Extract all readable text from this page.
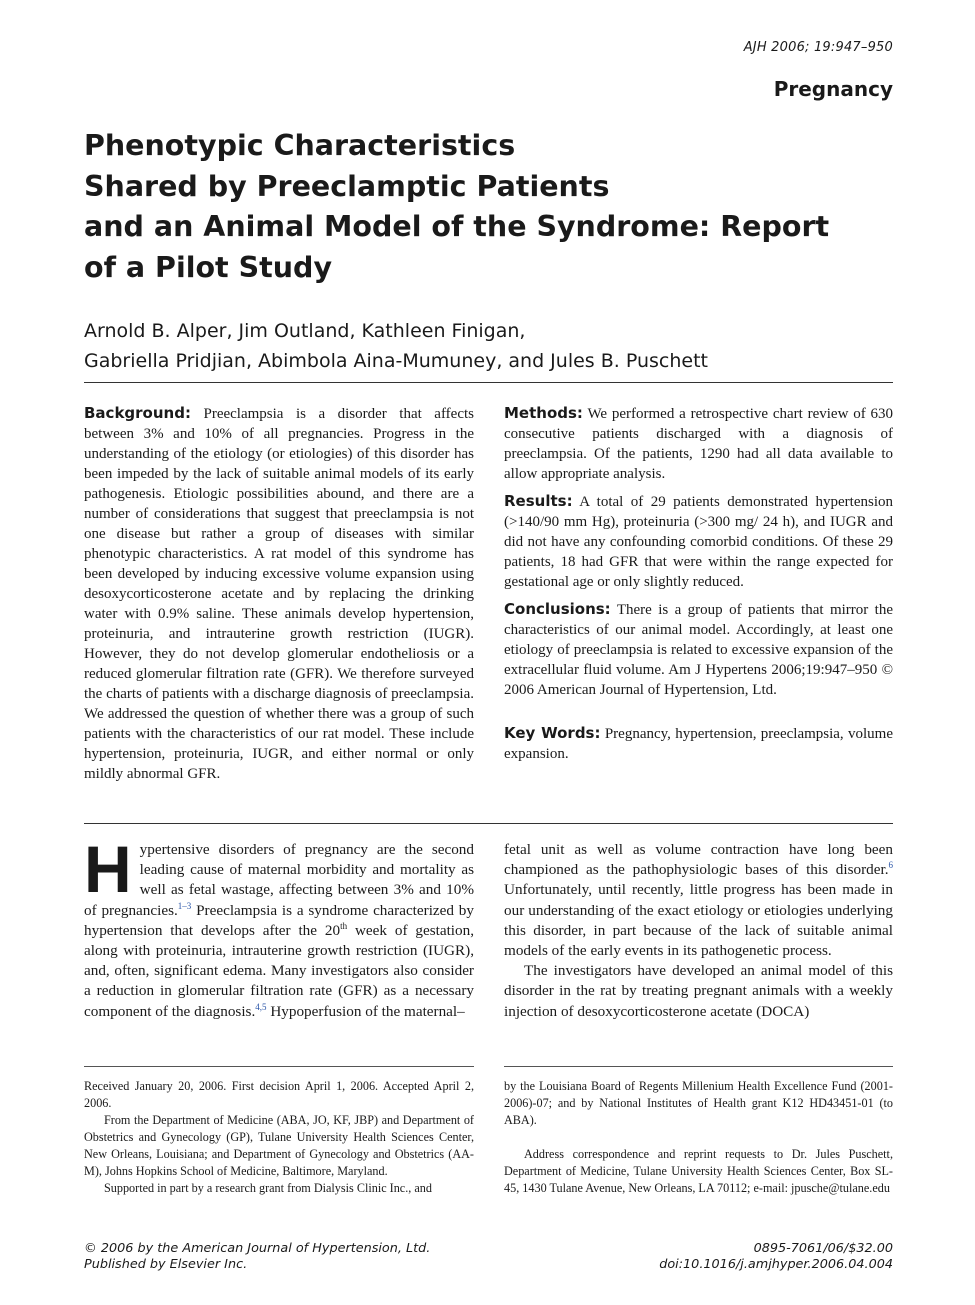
AJH 2006; 19:947–950
Pregnancy
Phenotypic Characteristics
Shared by Preeclamptic Patients
and an Animal Model of the Syndrome: Report
of a Pilot Study
Arnold B. Alper, Jim Outland, Kathleen Finigan,
Gabriella Pridjian, Abimbola Aina-Mumuney, and Jules B. Puschett

Background: Preeclampsia is a disorder that affects between 3% and 10% of all pregnancies. Progress in the understanding of the etiology (or etiologies) of this disorder has been impeded by the lack of suitable animal models of its early pathogenesis. Etiologic possibilities abound, and there are a number of considerations that suggest that preeclampsia is not one disease but rather a group of diseases with similar phenotypic characteristics. A rat model of this syndrome has been developed by inducing excessive volume expansion using desoxycorticosterone acetate and by replacing the drinking water with 0.9% saline. These animals develop hypertension, proteinuria, and intrauterine growth restriction (IUGR). However, they do not develop glomerular endotheliosis or a reduced glomerular filtration rate (GFR). We therefore surveyed the charts of patients with a discharge diagnosis of preeclampsia. We addressed the question of whether there was a group of such patients with the characteristics of our rat model. These include hypertension, proteinuria, IUGR, and either normal or only mildly abnormal GFR.

Methods: We performed a retrospective chart review of 630 consecutive patients discharged with a diagnosis of preeclampsia. Of the patients, 1290 had all data available to allow appropriate analysis.

Results: A total of 29 patients demonstrated hypertension (>140/90 mm Hg), proteinuria (>300 mg/ 24 h), and IUGR and did not have any confounding comorbid conditions. Of these 29 patients, 18 had GFR that were within the range expected for gestational age or only slightly reduced.

Conclusions: There is a group of patients that mirror the characteristics of our animal model. Accordingly, at least one etiology of preeclampsia is related to excessive expansion of the extracellular fluid volume. Am J Hypertens 2006;19:947–950 © 2006 American Journal of Hypertension, Ltd.

Key Words: Pregnancy, hypertension, preeclampsia, volume expansion.

Hypertensive disorders of pregnancy are the second leading cause of maternal morbidity and mortality as well as fetal wastage, affecting between 3% and 10% of pregnancies.$^{1-3}$ Preeclampsia is a syndrome characterized by hypertension that develops after the 20th week of gestation, along with proteinuria, intrauterine growth restriction (IUGR), and, often, significant edema. Many investigators also consider a reduction in glomerular filtration rate (GFR) as a necessary component of the diagnosis.$^{4,5}$ Hypoperfusion of the maternal–

fetal unit as well as volume contraction have long been championed as the pathophysiologic bases of this disorder.$^6$ Unfortunately, until recently, little progress has been made in our understanding of the exact etiology or etiologies underlying this disorder, in part because of the lack of suitable animal models of the early events in its pathogenetic process.

The investigators have developed an animal model of this disorder in the rat by treating pregnant animals with a weekly injection of desoxycorticosterone acetate (DOCA)

Received January 20, 2006. First decision April 1, 2006. Accepted April 2, 2006.

From the Department of Medicine (ABA, JO, KF, JBP) and Department of Obstetrics and Gynecology (GP), Tulane University Health Sciences Center, New Orleans, Louisiana; and Department of Gynecology and Obstetrics (AA-M), Johns Hopkins School of Medicine, Baltimore, Maryland.

Supported in part by a research grant from Dialysis Clinic Inc., and

by the Louisiana Board of Regents Millenium Health Excellence Fund (2001-2006)-07; and by National Institutes of Health grant K12 HD43451-01 (to ABA).

Address correspondence and reprint requests to Dr. Jules Puschett, Department of Medicine, Tulane University Health Sciences Center, Box SL-45, 1430 Tulane Avenue, New Orleans, LA 70112; e-mail: jpusche@tulane.edu

© 2006 by the American Journal of Hypertension, Ltd.
Published by Elsevier Inc.
0895-7061/06/$32.00
doi:10.1016/j.amjhyper.2006.04.004
